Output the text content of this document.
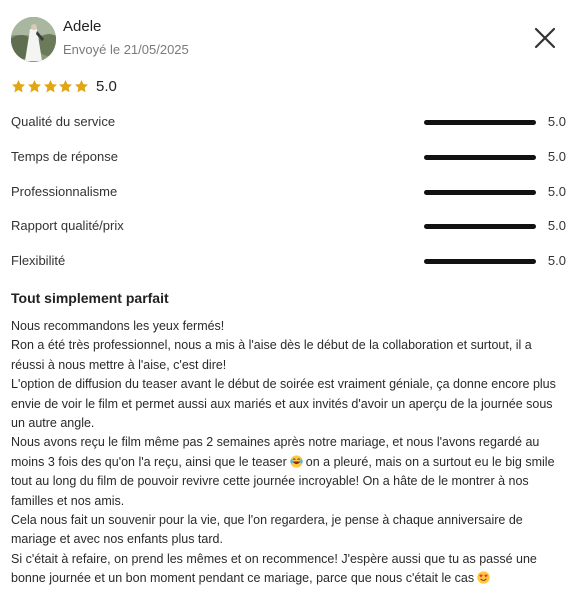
Adele
Envoyé le 21/05/2025
5.0
Qualité du service	5.0
Temps de réponse	5.0
Professionnalisme	5.0
Rapport qualité/prix	5.0
Flexibilité	5.0
Tout simplement parfait

Nous recommandons les yeux fermés!

Ron a été très professionnel, nous a mis à l'aise dès le début de la collaboration et surtout, il a réussi à nous mettre à l'aise, c'est dire!

L'option de diffusion du teaser avant le début de soirée est vraiment géniale, ça donne encore plus envie de voir le film et permet aussi aux mariés et aux invités d'avoir un aperçu de la journée sous un autre angle.

Nous avons reçu le film même pas 2 semaines après notre mariage, et nous l'avons regardé au moins 3 fois des qu'on l'a reçu, ainsi que le teaser on a pleuré, mais on a surtout eu le big smile tout au long du film de pouvoir revivre cette journée incroyable! On a hâte de le montrer à nos familles et nos amis.

Cela nous fait un souvenir pour la vie, que l'on regardera, je pense à chaque anniversaire de mariage et avec nos enfants plus tard.

Si c'était à refaire, on prend les mêmes et on recommence! J'espère aussi que tu as passé une bonne journée et un bon moment pendant ce mariage, parce que nous c'était le cas
